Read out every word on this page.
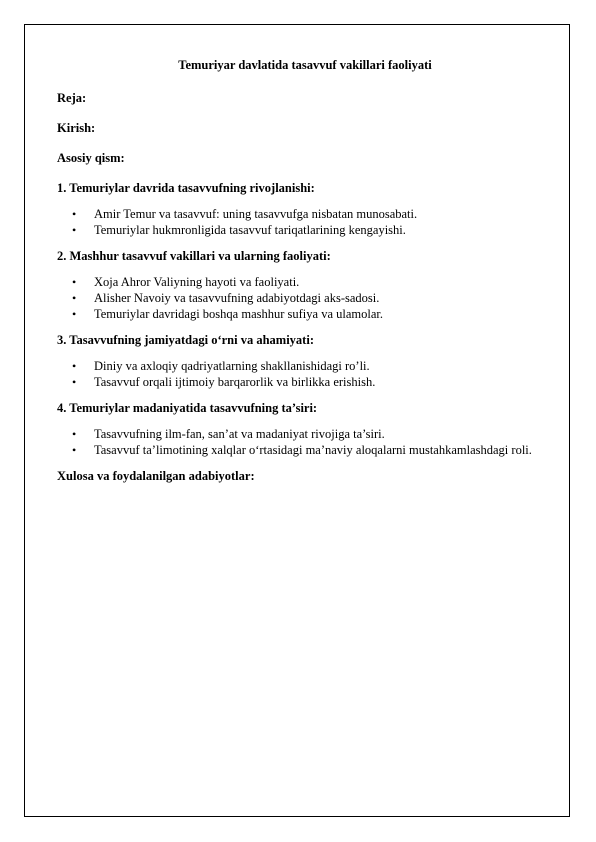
Temuriyar davlatida tasavvuf vakillari faoliyati

Reja:

Kirish:

Asosiy qism:

1. Temuriylar davrida tasavvufning rivojlanishi:

• Amir Temur va tasavvuf: uning tasavvufga nisbatan munosabati.
• Temuriylar hukmronligida tasavvuf tariqatlarining kengayishi.

2. Mashhur tasavvuf vakillari va ularning faoliyati:

• Xoja Ahror Valiyning hayoti va faoliyati.
• Alisher Navoiy va tasavvufning adabiyotdagi aks-sadosi.
• Temuriylar davridagi boshqa mashhur sufiya va ulamolar.

3. Tasavvufning jamiyatdagi o‘rni va ahamiyati:

• Diniy va axloqiy qadriyatlarning shakllanishidagi ro’li.
• Tasavvuf orqali ijtimoiy barqarorlik va birlikka erishish.

4. Temuriylar madaniyatida tasavvufning ta’siri:

• Tasavvufning ilm-fan, san’at va madaniyat rivojiga ta’siri.
• Tasavvuf ta’limotining xalqlar o‘rtasidagi ma’naviy aloqalarni mustahkamlashdagi roli.

Xulosa va foydalanilgan adabiyotlar:
